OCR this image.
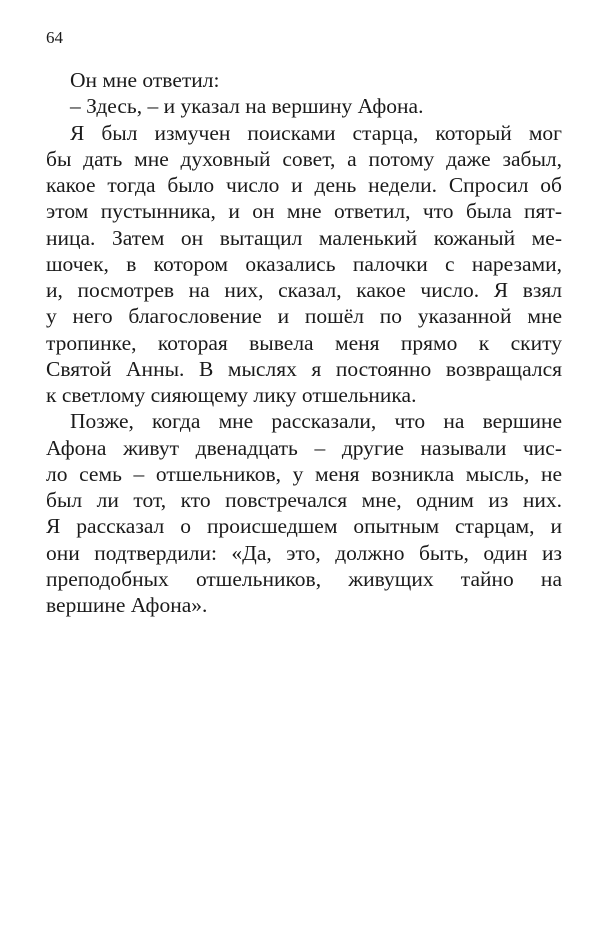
64
Он мне ответил:
– Здесь, – и указал на вершину Афона.
Я был измучен поисками старца, который мог
бы дать мне духовный совет, а потому даже забыл,
какое тогда было число и день недели. Спросил об
этом пустынника, и он мне ответил, что была пят-
ница. Затем он вытащил маленький кожаный ме-
шочек, в котором оказались палочки с нарезами,
и, посмотрев на них, сказал, какое число. Я взял
у него благословение и пошёл по указанной мне
тропинке, которая вывела меня прямо к скиту
Святой Анны. В мыслях я постоянно возвращался
к светлому сияющему лику отшельника.
Позже, когда мне рассказали, что на вершине
Афона живут двенадцать – другие называли чис-
ло семь – отшельников, у меня возникла мысль, не
был ли тот, кто повстречался мне, одним из них.
Я рассказал о происшедшем опытным старцам, и
они подтвердили: «Да, это, должно быть, один из
преподобных отшельников, живущих тайно на
вершине Афона».
